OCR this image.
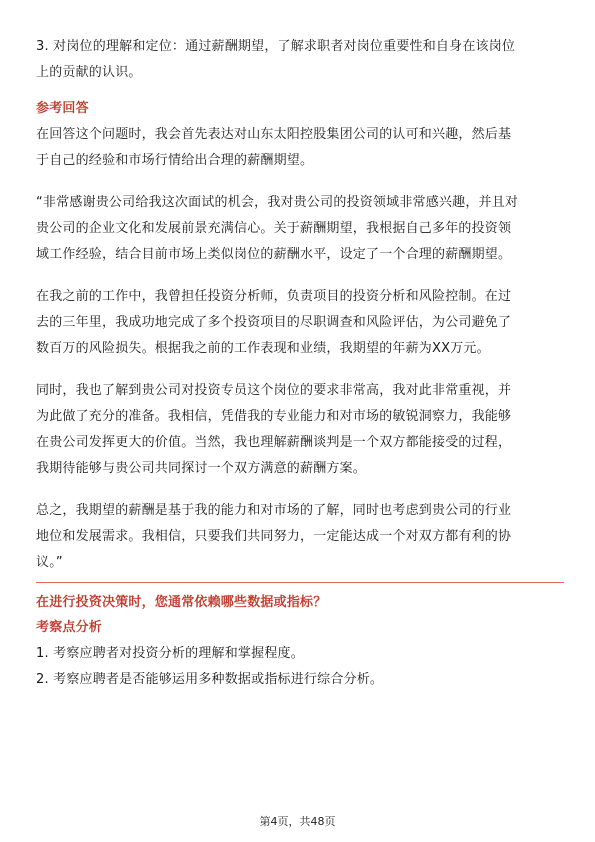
3. 对岗位的理解和定位：通过薪酬期望，了解求职者对岗位重要性和自身在该岗位

上的贡献的认识。

参考回答

在回答这个问题时，我会首先表达对山东太阳控股集团公司的认可和兴趣，然后基

于自己的经验和市场行情给出合理的薪酬期望。

“非常感谢贵公司给我这次面试的机会，我对贵公司的投资领域非常感兴趣，并且对

贵公司的企业文化和发展前景充满信心。关于薪酬期望，我根据自己多年的投资领

域工作经验，结合目前市场上类似岗位的薪酬水平，设定了一个合理的薪酬期望。

在我之前的工作中，我曾担任投资分析师，负责项目的投资分析和风险控制。在过

去的三年里，我成功地完成了多个投资项目的尽职调查和风险评估，为公司避免了

数百万的风险损失。根据我之前的工作表现和业绩，我期望的年薪为XX万元。

同时，我也了解到贵公司对投资专员这个岗位的要求非常高，我对此非常重视，并

为此做了充分的准备。我相信，凭借我的专业能力和对市场的敏锐洞察力，我能够

在贵公司发挥更大的价值。当然，我也理解薪酬谈判是一个双方都能接受的过程，

我期待能够与贵公司共同探讨一个双方满意的薪酬方案。

总之，我期望的薪酬是基于我的能力和对市场的了解，同时也考虑到贵公司的行业

地位和发展需求。我相信，只要我们共同努力，一定能达成一个对双方都有利的协

议。”

在进行投资决策时，您通常依赖哪些数据或指标？

考察点分析

1. 考察应聘者对投资分析的理解和掌握程度。

2. 考察应聘者是否能够运用多种数据或指标进行综合分析。

第4页，共48页
